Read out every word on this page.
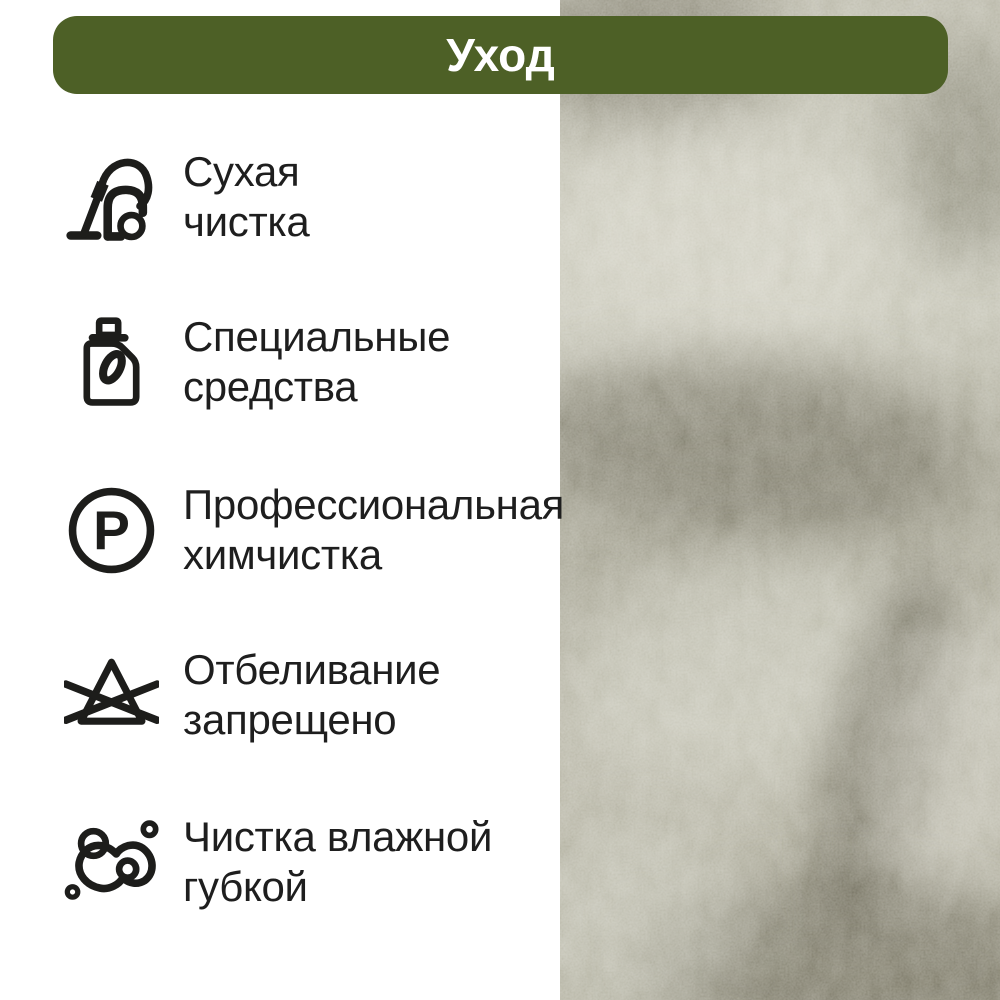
Уход
Сухая
чистка
Специальные
средства
P Профессиональная
химчистка
Отбеливание
запрещено
Чистка влажной
губкой
